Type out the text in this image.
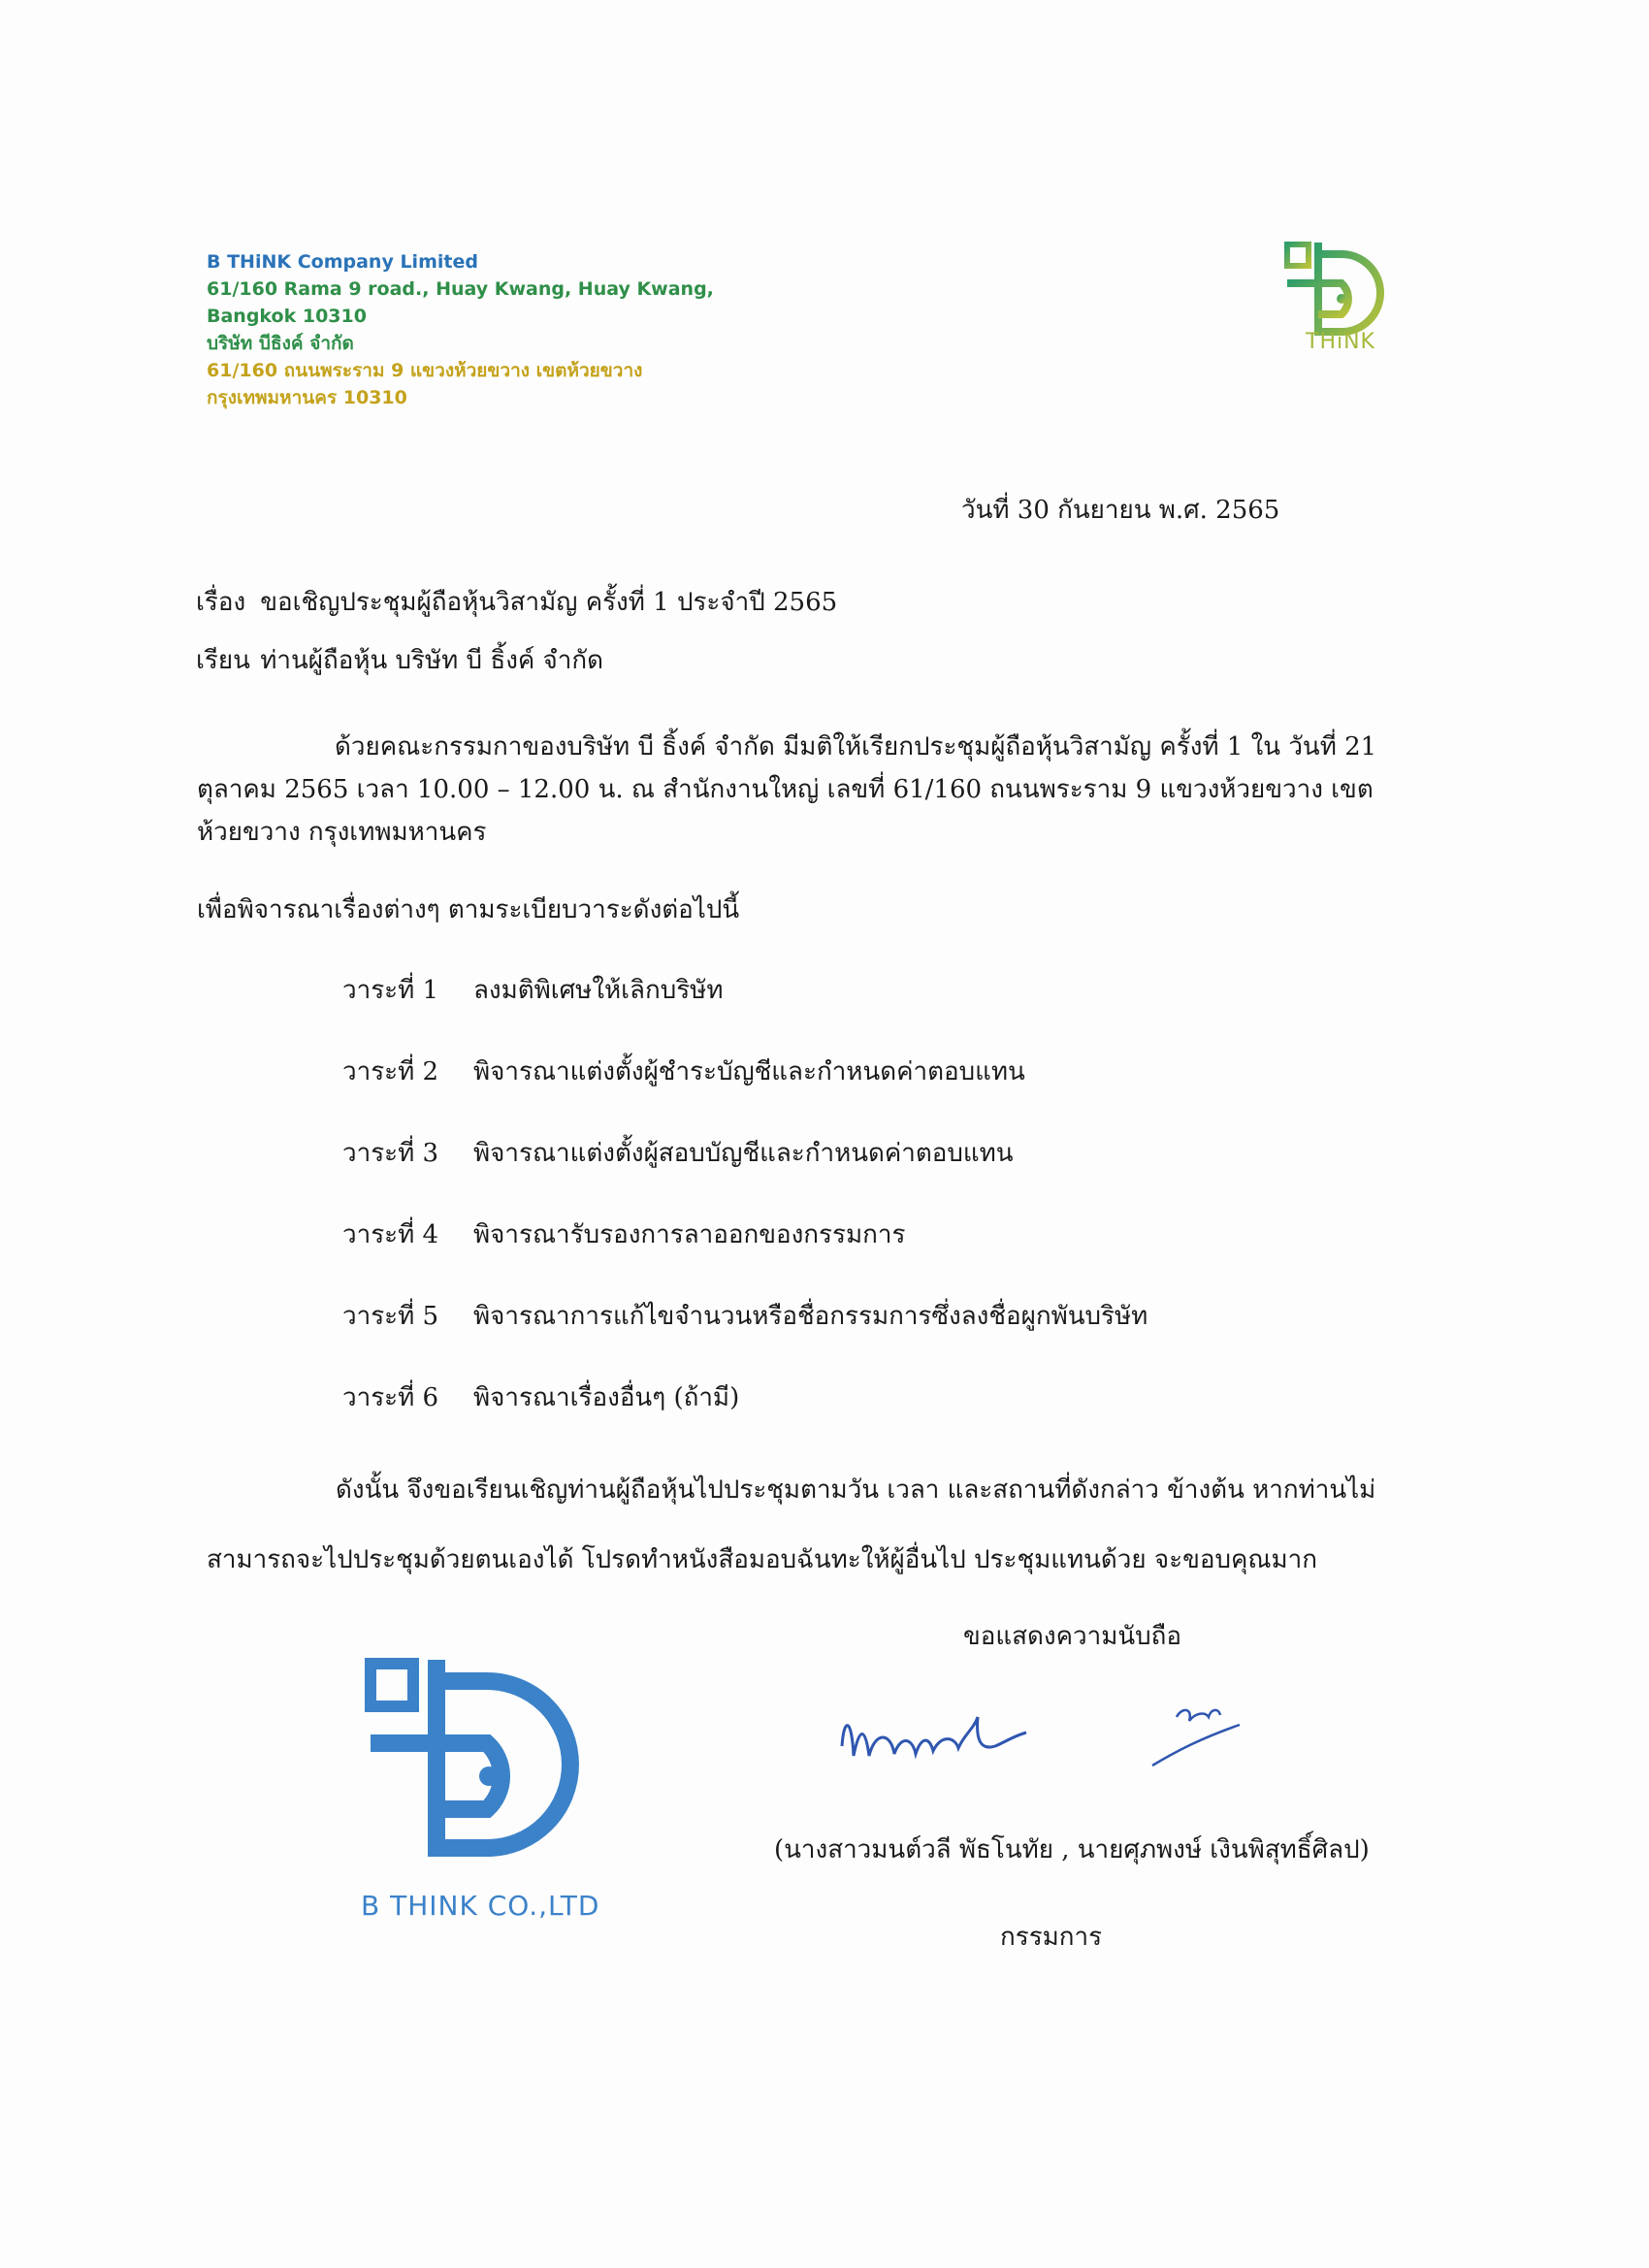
B THiNK Company Limited
61/160 Rama 9 road., Huay Kwang, Huay Kwang,
Bangkok 10310
บริษัท บีธิงค์ จำกัด
61/160 ถนนพระราม 9 แขวงห้วยขวาง เขตห้วยขวาง
กรุงเทพมหานคร 10310
THiNK
วันที่ 30 กันยายน พ.ศ. 2565
เรื่อง ขอเชิญประชุมผู้ถือหุ้นวิสามัญ ครั้งที่ 1 ประจำปี 2565
เรียน ท่านผู้ถือหุ้น บริษัท บี ธิ้งค์ จำกัด
ด้วยคณะกรรมกาของบริษัท บี ธิ้งค์ จำกัด มีมติให้เรียกประชุมผู้ถือหุ้นวิสามัญ ครั้งที่ 1 ใน วันที่ 21 ตุลาคม 2565 เวลา 10.00 – 12.00 น. ณ สำนักงานใหญ่ เลขที่ 61/160 ถนนพระราม 9 แขวงห้วยขวาง เขตห้วยขวาง กรุงเทพมหานคร
เพื่อพิจารณาเรื่องต่างๆ ตามระเบียบวาระดังต่อไปนี้
วาระที่ 1 ลงมติพิเศษให้เลิกบริษัท
วาระที่ 2 พิจารณาแต่งตั้งผู้ชำระบัญชีและกำหนดค่าตอบแทน
วาระที่ 3 พิจารณาแต่งตั้งผู้สอบบัญชีและกำหนดค่าตอบแทน
วาระที่ 4 พิจารณารับรองการลาออกของกรรมการ
วาระที่ 5 พิจารณาการแก้ไขจำนวนหรือชื่อกรรมการซึ่งลงชื่อผูกพันบริษัท
วาระที่ 6 พิจารณาเรื่องอื่นๆ (ถ้ามี)
ดังนั้น จึงขอเรียนเชิญท่านผู้ถือหุ้นไปประชุมตามวัน เวลา และสถานที่ดังกล่าว ข้างต้น หากท่านไม่ สามารถจะไปประชุมด้วยตนเองได้ โปรดทำหนังสือมอบฉันทะให้ผู้อื่นไป ประชุมแทนด้วย จะขอบคุณมาก
ขอแสดงความนับถือ
(นางสาวมนต์วลี พัธโนทัย , นายศุภพงษ์ เงินพิสุทธิ์ศิลป)
กรรมการ
B THINK CO.,LTD
